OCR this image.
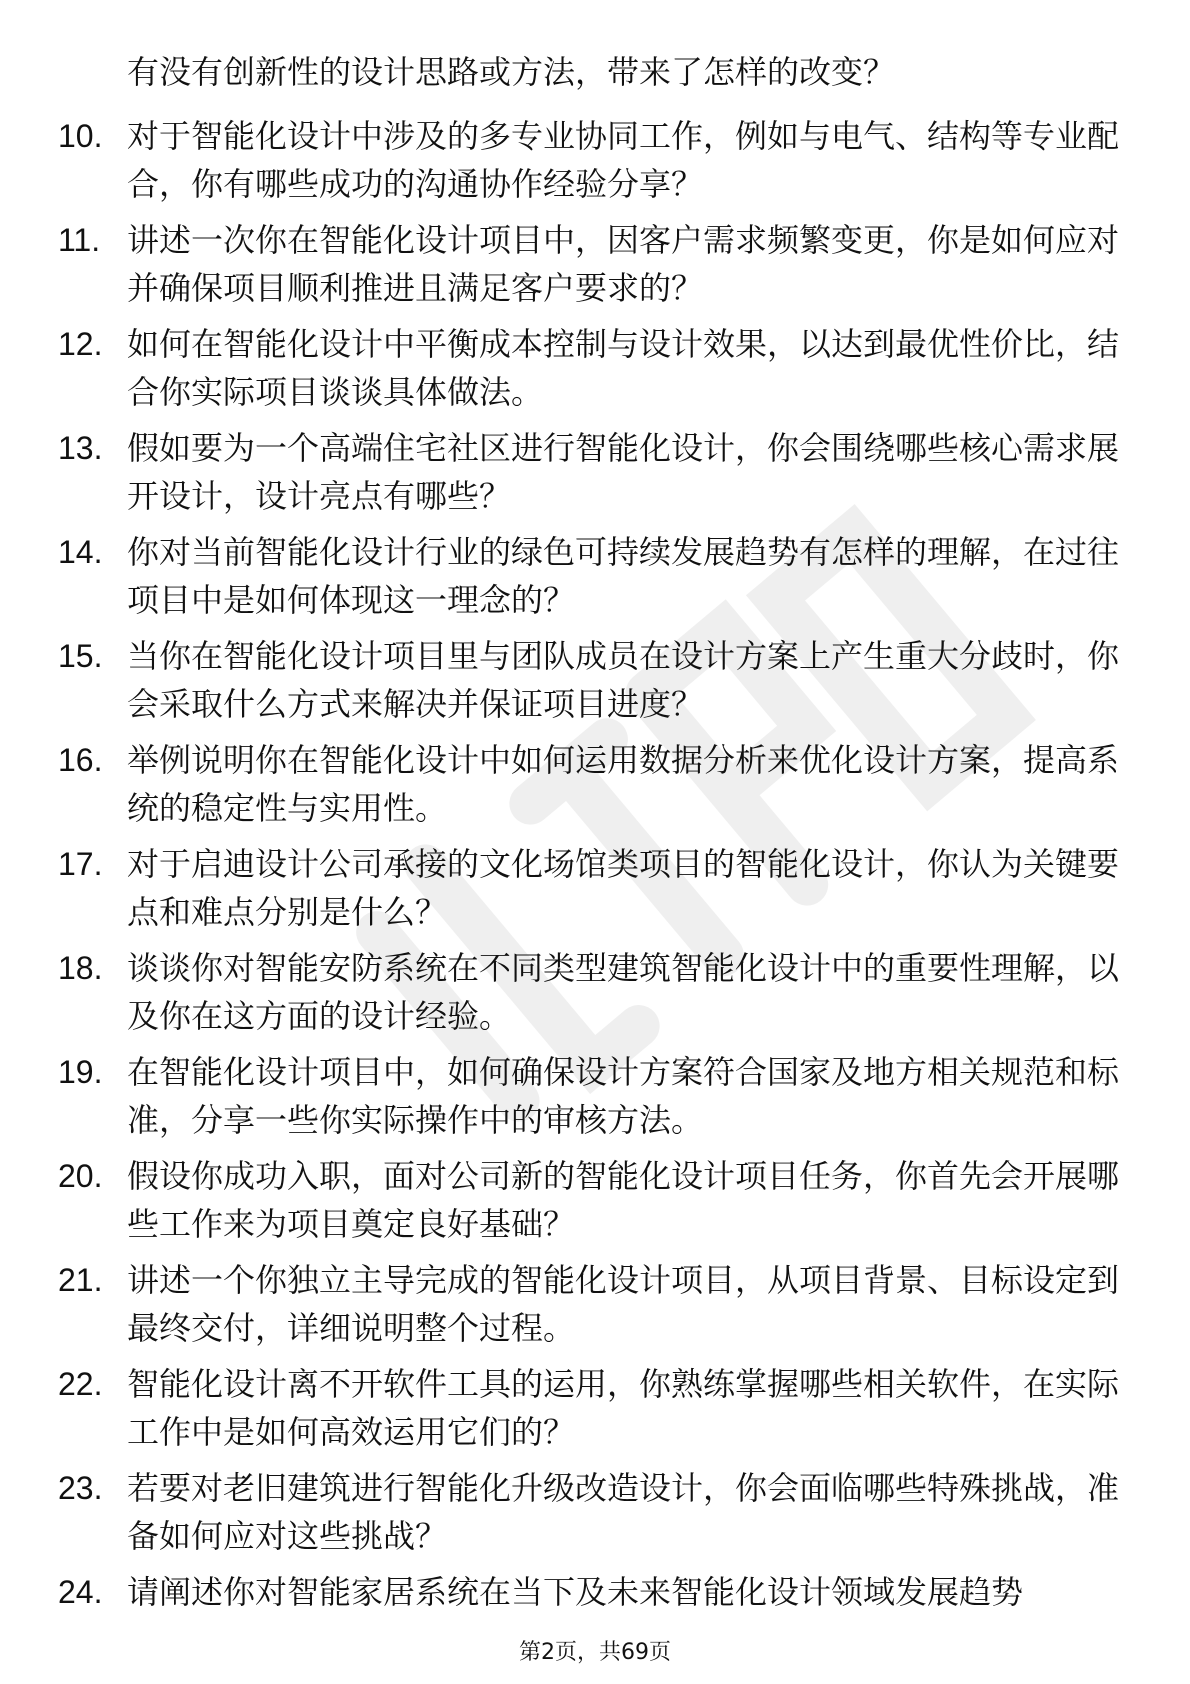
有没有创新性的设计思路或方法，带来了怎样的改变？
10. 对于智能化设计中涉及的多专业协同工作，例如与电气、结构等专业配合，你有哪些成功的沟通协作经验分享？
11. 讲述一次你在智能化设计项目中，因客户需求频繁变更，你是如何应对并确保项目顺利推进且满足客户要求的？
12. 如何在智能化设计中平衡成本控制与设计效果，以达到最优性价比，结合你实际项目谈谈具体做法。
13. 假如要为一个高端住宅社区进行智能化设计，你会围绕哪些核心需求展开设计，设计亮点有哪些？
14. 你对当前智能化设计行业的绿色可持续发展趋势有怎样的理解，在过往项目中是如何体现这一理念的？
15. 当你在智能化设计项目里与团队成员在设计方案上产生重大分歧时，你会采取什么方式来解决并保证项目进度？
16. 举例说明你在智能化设计中如何运用数据分析来优化设计方案，提高系统的稳定性与实用性。
17. 对于启迪设计公司承接的文化场馆类项目的智能化设计，你认为关键要点和难点分别是什么？
18. 谈谈你对智能安防系统在不同类型建筑智能化设计中的重要性理解，以及你在这方面的设计经验。
19. 在智能化设计项目中，如何确保设计方案符合国家及地方相关规范和标准，分享一些你实际操作中的审核方法。
20. 假设你成功入职，面对公司新的智能化设计项目任务，你首先会开展哪些工作来为项目奠定良好基础？
21. 讲述一个你独立主导完成的智能化设计项目，从项目背景、目标设定到最终交付，详细说明整个过程。
22. 智能化设计离不开软件工具的运用，你熟练掌握哪些相关软件，在实际工作中是如何高效运用它们的？
23. 若要对老旧建筑进行智能化升级改造设计，你会面临哪些特殊挑战，准备如何应对这些挑战？
24. 请阐述你对智能家居系统在当下及未来智能化设计领域发展趋势
第2页，共69页
